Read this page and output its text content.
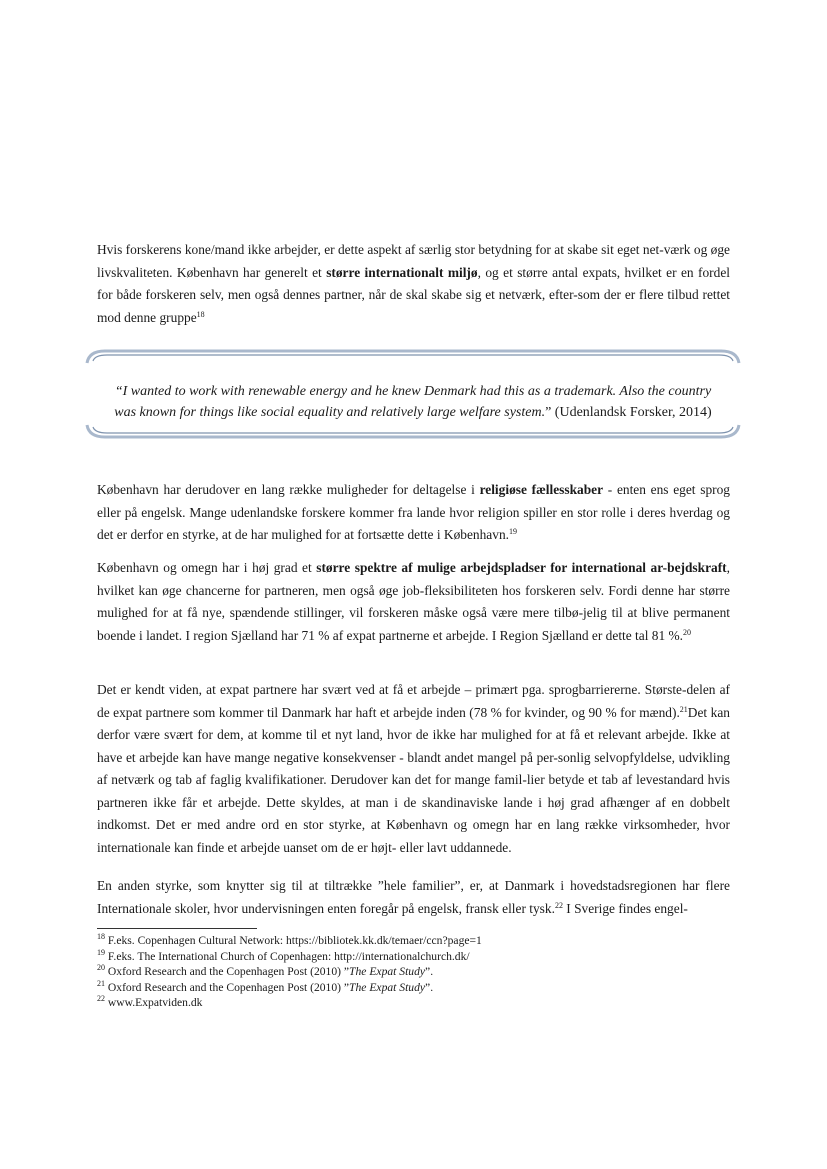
Hvis forskerens kone/mand ikke arbejder, er dette aspekt af særlig stor betydning for at skabe sit eget net-værk og øge livskvaliteten. København har generelt et større internationalt miljø, og et større antal expats, hvilket er en fordel for både forskeren selv, men også dennes partner, når de skal skabe sig et netværk, efter-som der er flere tilbud rettet mod denne gruppe$^{18}$

“I wanted to work with renewable energy and he knew Denmark had this as a trademark. Also the country was known for things like social equality and relatively large welfare system.” (Udenlandsk Forsker, 2014)

København har derudover en lang række muligheder for deltagelse i religiøse fællesskaber - enten ens eget sprog eller på engelsk. Mange udenlandske forskere kommer fra lande hvor religion spiller en stor rolle i deres hverdag og det er derfor en styrke, at de har mulighed for at fortsætte dette i København.$^{19}$

København og omegn har i høj grad et større spektre af mulige arbejdspladser for international ar-bejdskraft, hvilket kan øge chancerne for partneren, men også øge job-fleksibiliteten hos forskeren selv. Fordi denne har større mulighed for at få nye, spændende stillinger, vil forskeren måske også være mere tilbø-jelig til at blive permanent boende i landet. I region Sjælland har 71 % af expat partnerne et arbejde. I Region Sjælland er dette tal 81 %.$^{20}$

Det er kendt viden, at expat partnere har svært ved at få et arbejde – primært pga. sprogbarriererne. Største-delen af de expat partnere som kommer til Danmark har haft et arbejde inden (78 % for kvinder, og 90 % for mænd).$^{21}$Det kan derfor være svært for dem, at komme til et nyt land, hvor de ikke har mulighed for at få et relevant arbejde. Ikke at have et arbejde kan have mange negative konsekvenser - blandt andet mangel på per-sonlig selvopfyldelse, udvikling af netværk og tab af faglig kvalifikationer. Derudover kan det for mange famil-lier betyde et tab af levestandard hvis partneren ikke får et arbejde. Dette skyldes, at man i de skandinaviske lande i høj grad afhænger af en dobbelt indkomst. Det er med andre ord en stor styrke, at København og omegn har en lang række virksomheder, hvor internationale kan finde et arbejde uanset om de er højt- eller lavt uddannede.

En anden styrke, som knytter sig til at tiltrække ”hele familier”, er, at Danmark i hovedstadsregionen har flere Internationale skoler, hvor undervisningen enten foregår på engelsk, fransk eller tysk.$^{22}$ I Sverige findes engel-

$^{18}$ F.eks. Copenhagen Cultural Network: https://bibliotek.kk.dk/temaer/ccn?page=1
$^{19}$ F.eks. The International Church of Copenhagen: http://internationalchurch.dk/
$^{20}$ Oxford Research and the Copenhagen Post (2010) ”The Expat Study”.
$^{21}$ Oxford Research and the Copenhagen Post (2010) ”The Expat Study”.
$^{22}$ www.Expatviden.dk
